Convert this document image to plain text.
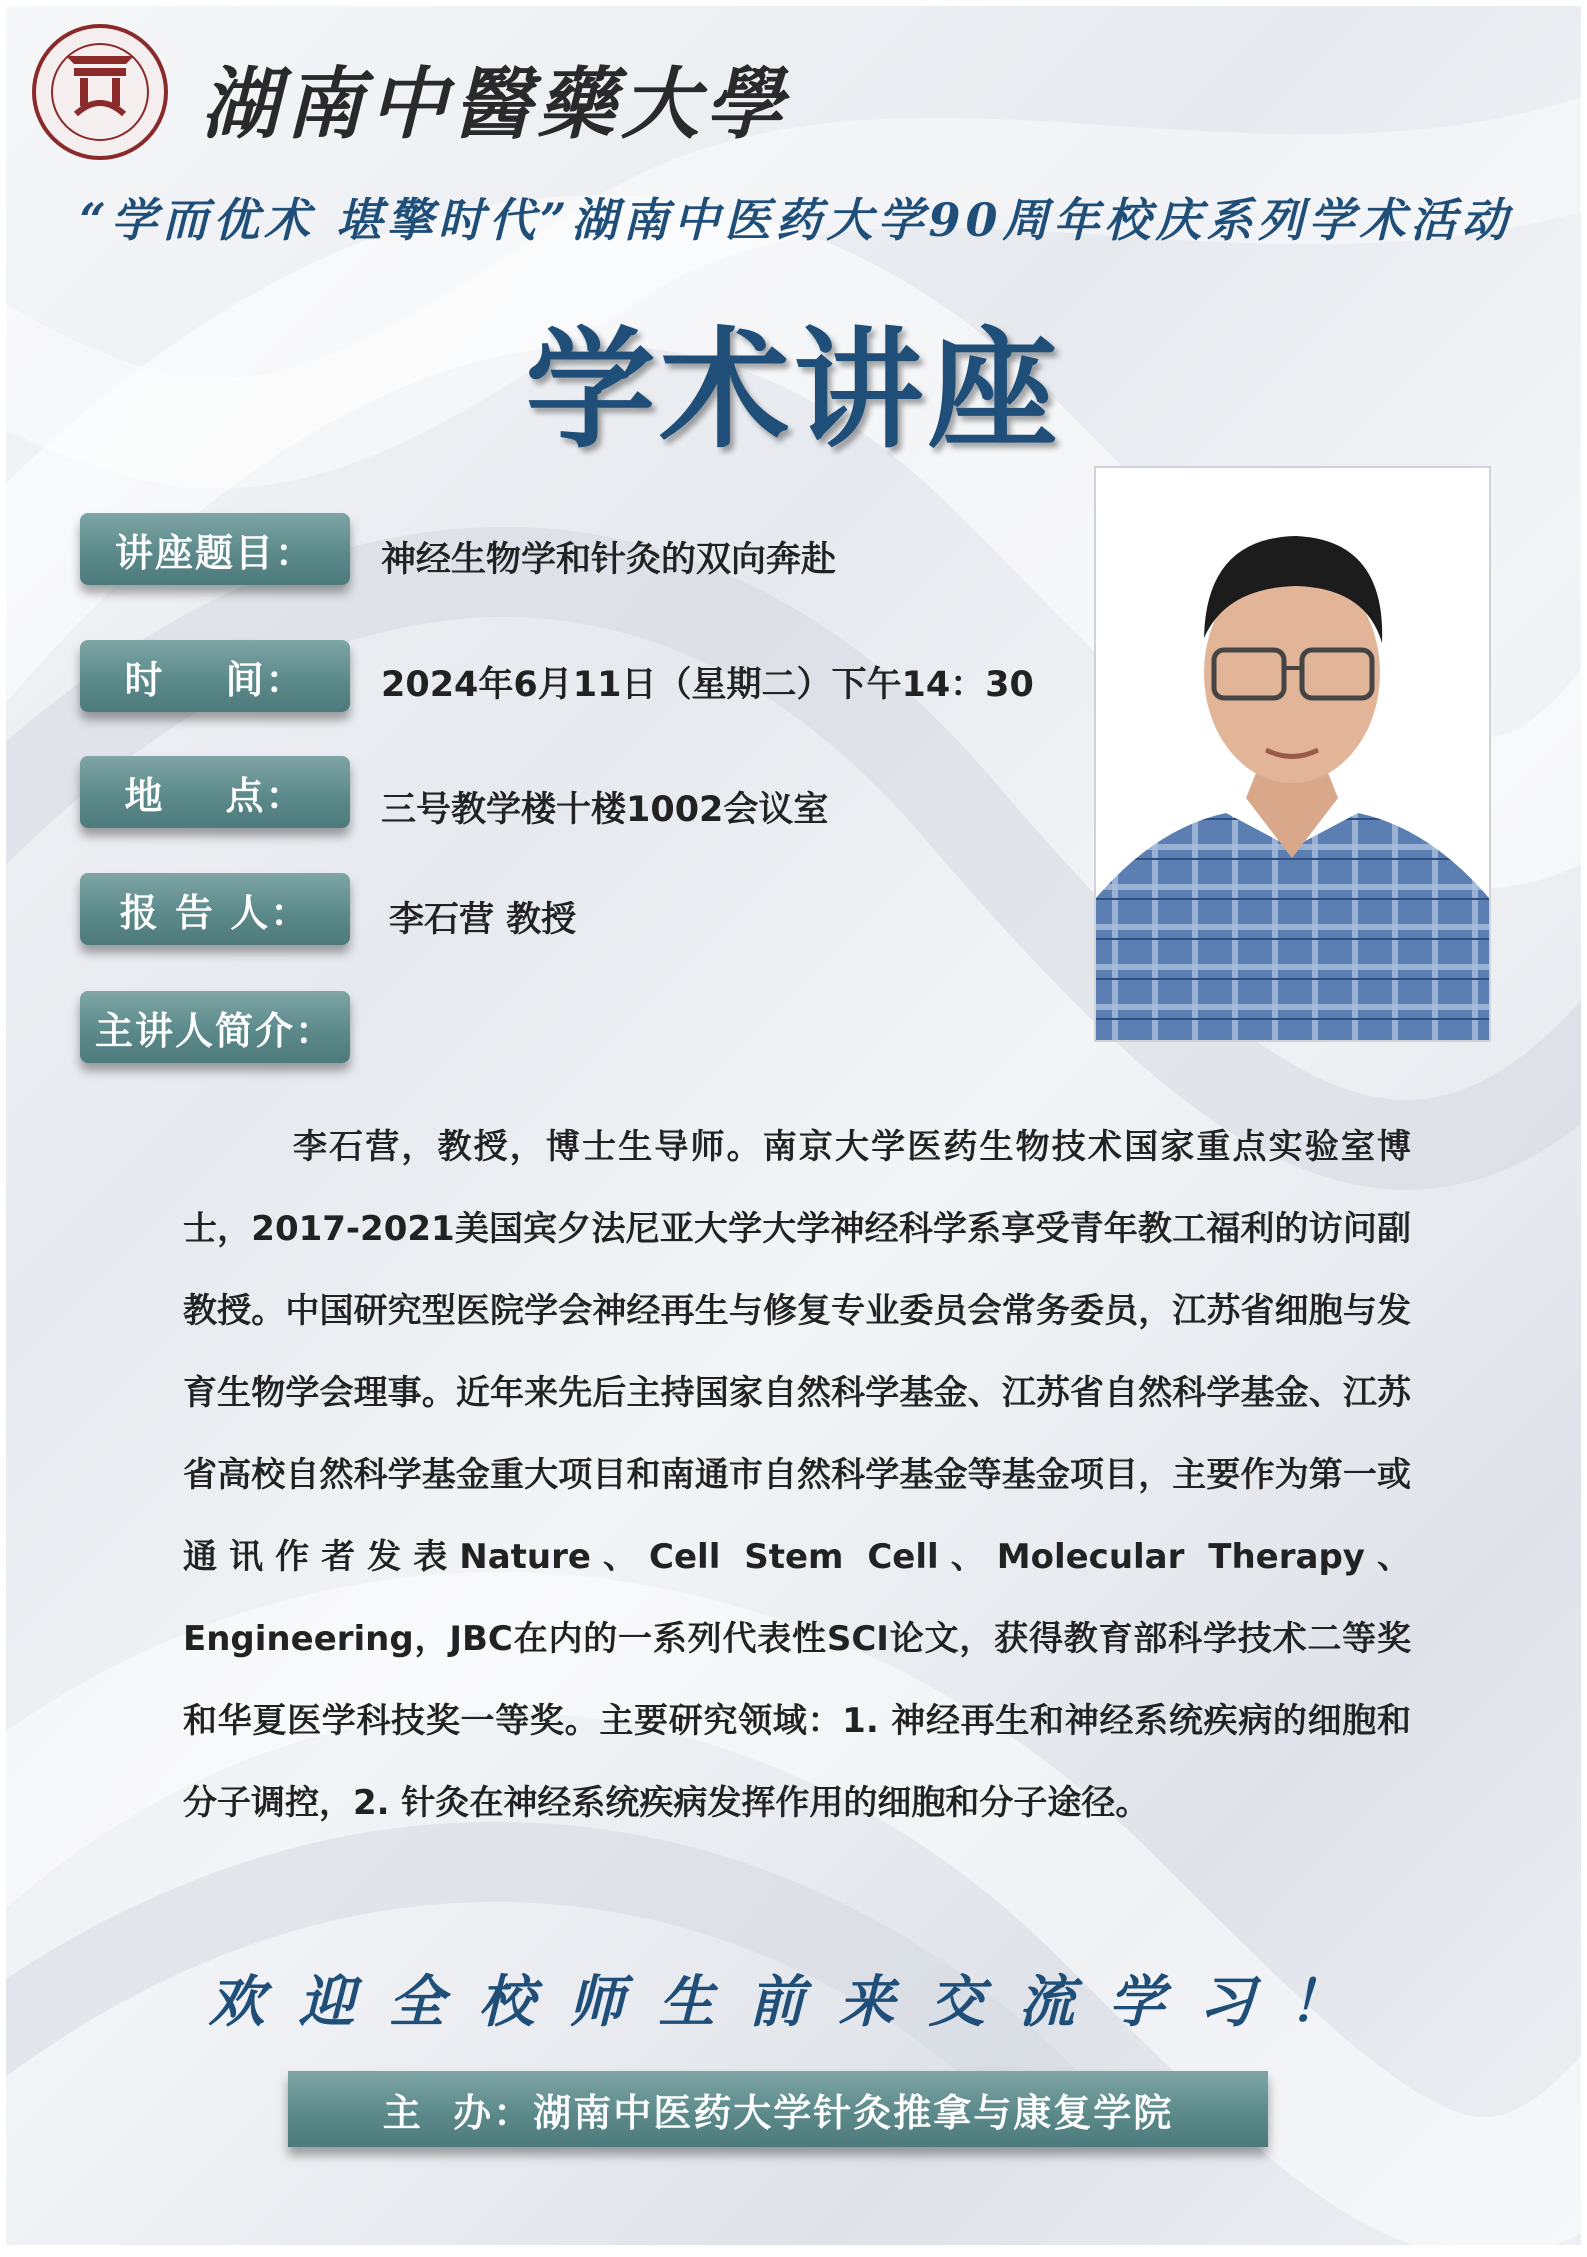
湖南中醫藥大學
“学而优术 堪擎时代”湖南中医药大学90周年校庆系列学术活动
学术讲座
讲座题目：	神经生物学和针灸的双向奔赴
时    间：	2024年6月11日（星期二）下午14：30
地    点：	三号教学楼十楼1002会议室
报 告 人：	李石营 教授
主讲人简介：
李石营，教授，博士生导师。南京大学医药生物技术国家重点实验室博士，2017-2021美国宾夕法尼亚大学大学神经科学系享受青年教工福利的访问副教授。中国研究型医院学会神经再生与修复专业委员会常务委员，江苏省细胞与发育生物学会理事。近年来先后主持国家自然科学基金、江苏省自然科学基金、江苏省高校自然科学基金重大项目和南通市自然科学基金等基金项目，主要作为第一或通讯作者发表Nature、Cell Stem Cell、Molecular Therapy、Engineering，JBC在内的一系列代表性SCI论文，获得教育部科学技术二等奖和华夏医学科技奖一等奖。主要研究领域：1. 神经再生和神经系统疾病的细胞和分子调控，2. 针灸在神经系统疾病发挥作用的细胞和分子途径。
欢迎全校师生前来交流学习！
主  办：湖南中医药大学针灸推拿与康复学院
